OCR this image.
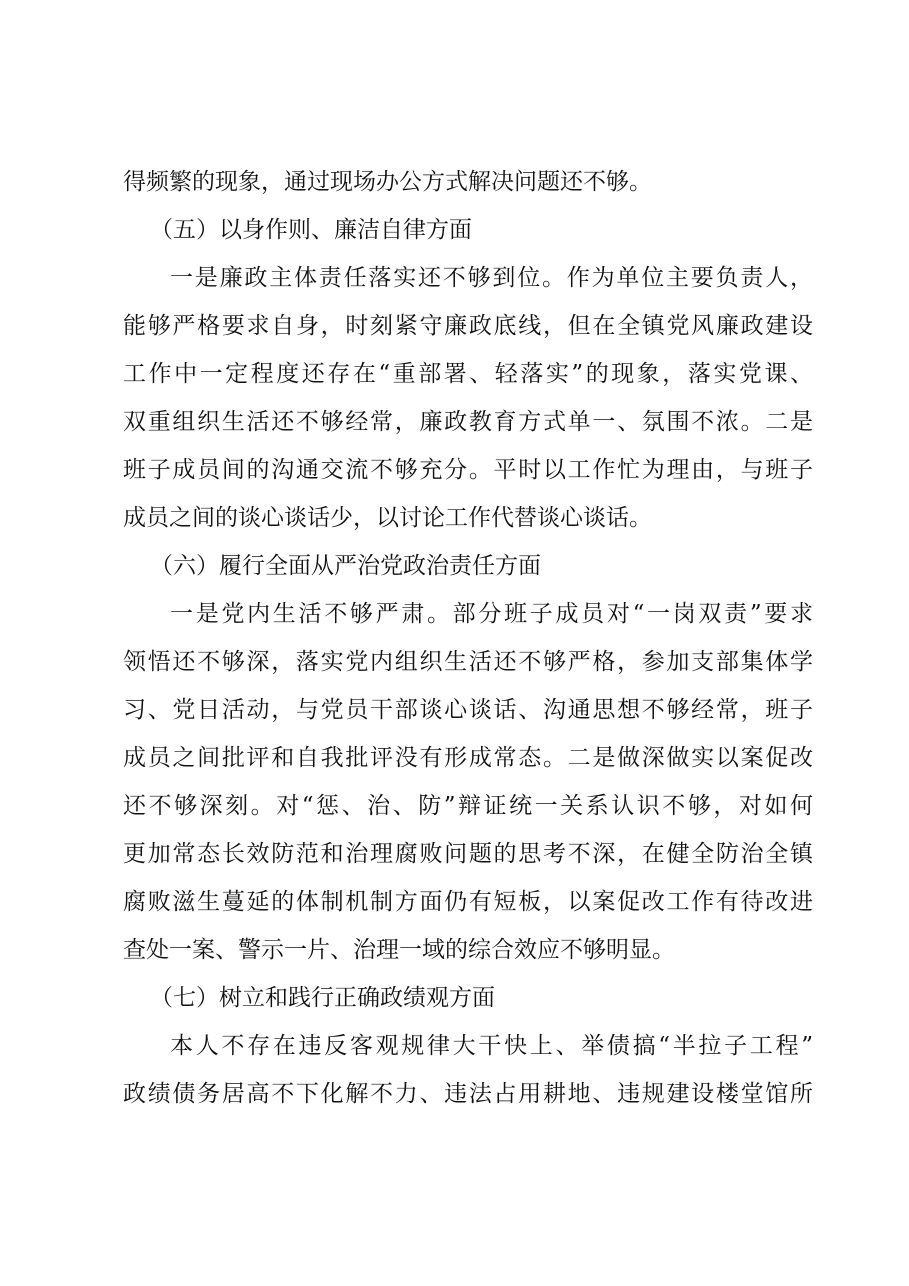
得频繁的现象，通过现场办公方式解决问题还不够。
（五）以身作则、廉洁自律方面
一是廉政主体责任落实还不够到位。作为单位主要负责人，
能够严格要求自身，时刻紧守廉政底线，但在全镇党风廉政建设
工作中一定程度还存在“重部署、轻落实”的现象，落实党课、
双重组织生活还不够经常，廉政教育方式单一、氛围不浓。二是
班子成员间的沟通交流不够充分。平时以工作忙为理由，与班子
成员之间的谈心谈话少，以讨论工作代替谈心谈话。
（六）履行全面从严治党政治责任方面
一是党内生活不够严肃。部分班子成员对“一岗双责”要求
领悟还不够深，落实党内组织生活还不够严格，参加支部集体学
习、党日活动，与党员干部谈心谈话、沟通思想不够经常，班子
成员之间批评和自我批评没有形成常态。二是做深做实以案促改
还不够深刻。对“惩、治、防”辩证统一关系认识不够，对如何
更加常态长效防范和治理腐败问题的思考不深，在健全防治全镇
腐败滋生蔓延的体制机制方面仍有短板，以案促改工作有待改进
查处一案、警示一片、治理一域的综合效应不够明显。
（七）树立和践行正确政绩观方面
本人不存在违反客观规律大干快上、举债搞“半拉子工程”
政绩债务居高不下化解不力、违法占用耕地、违规建设楼堂馆所
